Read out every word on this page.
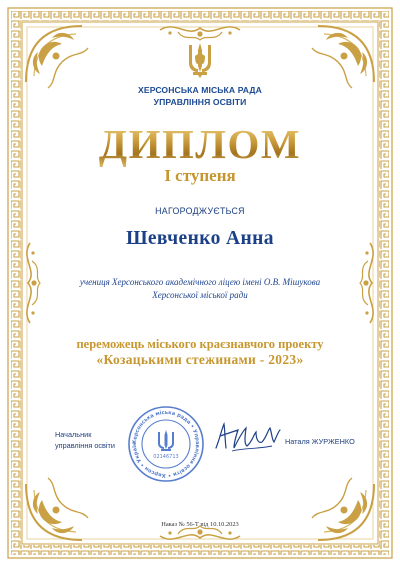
ХЕРСОНСЬКА МІСЬКА РАДА
УПРАВЛІННЯ ОСВІТИ
ДИПЛОМ
І ступеня
НАГОРОДЖУЄТЬСЯ
Шевченко Анна
учениця Херсонського академічного ліцею імені О.В. Мішукова
Херсонської міської ради
переможець міського краєзнавчого проекту
«Козацькими стежинами - 2023»
Начальник
управління освіти	Херсонська міська рада • Управління освіти • Херсон • Україн
02146713
Наталя ЖУРЖЕНКО
Наказ № 56-Т від 10.10.2023
